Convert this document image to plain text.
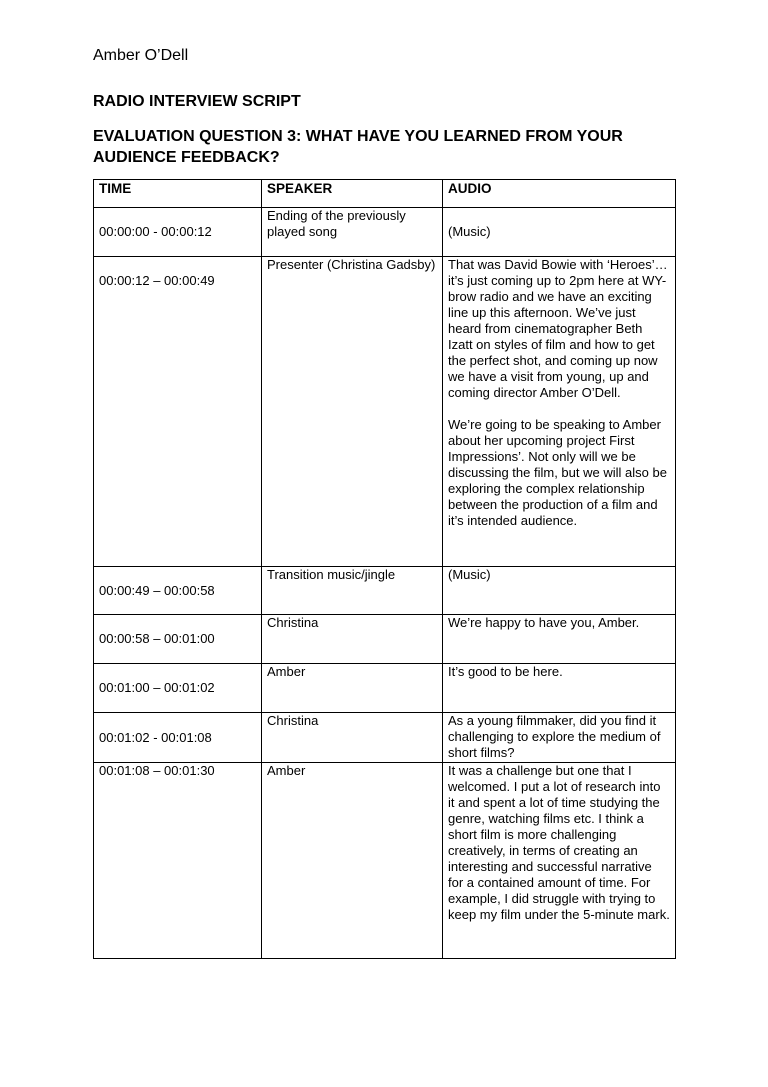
Amber O’Dell
RADIO INTERVIEW SCRIPT
EVALUATION QUESTION 3: WHAT HAVE YOU LEARNED FROM YOUR AUDIENCE FEEDBACK?
TIME	SPEAKER	AUDIO
00:00:00 - 00:00:12	Ending of the previously played song	(Music)

00:00:12 – 00:00:49	Presenter (Christina Gadsby)	That was David Bowie with ‘Heroes’… it’s just coming up to 2pm here at WY-brow radio and we have an exciting line up this afternoon. We’ve just heard from cinematographer Beth Izatt on styles of film and how to get the perfect shot, and coming up now we have a visit from young, up and coming director Amber O’Dell.
We’re going to be speaking to Amber about her upcoming project First Impressions’. Not only will we be discussing the film, but we will also be exploring the complex relationship between the production of a film and it’s intended audience.

00:00:49 – 00:00:58	Transition music/jingle	(Music)

00:00:58 – 00:01:00	Christina	We’re happy to have you, Amber.

00:01:00 – 00:01:02	Amber	It’s good to be here.

00:01:02 - 00:01:08	Christina	As a young filmmaker, did you find it challenging to explore the medium of short films?

00:01:08 – 00:01:30	Amber	It was a challenge but one that I welcomed. I put a lot of research into it and spent a lot of time studying the genre, watching films etc. I think a short film is more challenging creatively, in terms of creating an interesting and successful narrative for a contained amount of time. For example, I did struggle with trying to keep my film under the 5-minute mark.
